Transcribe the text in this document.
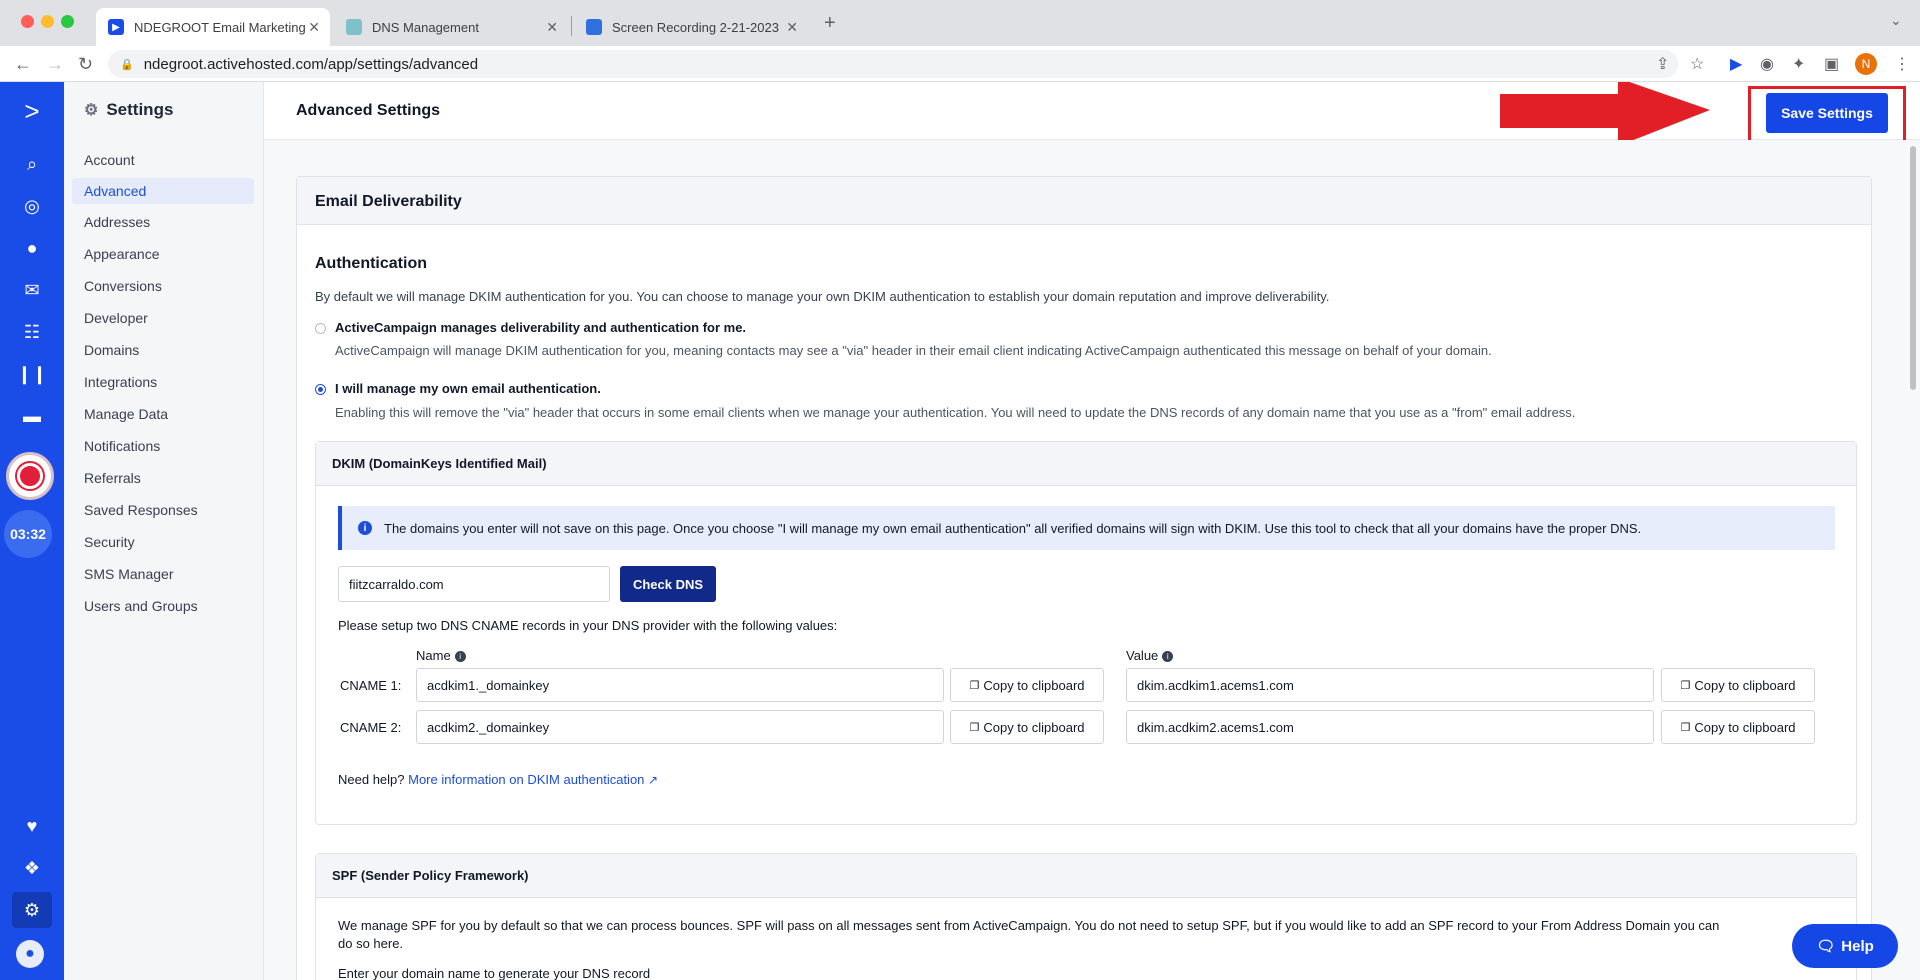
▶	NDEGROOT Email Marketing ✕	DNS Management	✕	Screen Recording 2-21-2023 ✕ +	⌄
← → ↻ 🔒 ndegroot.activehosted.com/app/settings/advanced	⇪ ☆ ▶ ◉ ✦ ▣	N	⋮
>
⌕
◎
●
✉
☷
❙❙
▬
03:32
♥
❖
⚙
●
⚙ Settings
Account
Advanced
Addresses
Appearance
Conversions
Developer
Domains
Integrations
Manage Data
Notifications
Referrals
Saved Responses
Security
SMS Manager
Users and Groups
Advanced Settings	Save Settings
Email Deliverability
Authentication
By default we will manage DKIM authentication for you. You can choose to manage your own DKIM authentication to establish your domain reputation and improve deliverability.
ActiveCampaign manages deliverability and authentication for me.
ActiveCampaign will manage DKIM authentication for you, meaning contacts may see a "via" header in their email client indicating ActiveCampaign authenticated this message on behalf of your domain.
I will manage my own email authentication.
Enabling this will remove the "via" header that occurs in some email clients when we manage your authentication. You will need to update the DNS records of any domain name that you use as a "from" email address.
DKIM (DomainKeys Identified Mail)
i	The domains you enter will not save on this page. Once you choose "I will manage my own email authentication" all verified domains will sign with DKIM. Use this tool to check that all your domains have the proper DNS.
fiitzcarraldo.com	Check DNS
Please setup two DNS CNAME records in your DNS provider with the following values:
Name i	Value i
CNAME 1:	acdkim1._domainkey	❐ Copy to clipboard	dkim.acdkim1.acems1.com	❐ Copy to clipboard
CNAME 2:	acdkim2._domainkey	❐ Copy to clipboard	dkim.acdkim2.acems1.com	❐ Copy to clipboard
Need help? More information on DKIM authentication ↗
SPF (Sender Policy Framework)
We manage SPF for you by default so that we can process bounces. SPF will pass on all messages sent from ActiveCampaign. You do not need to setup SPF, but if you would like to add an SPF record to your From Address Domain you can
do so here.
Enter your domain name to generate your DNS record
🗨 Help
